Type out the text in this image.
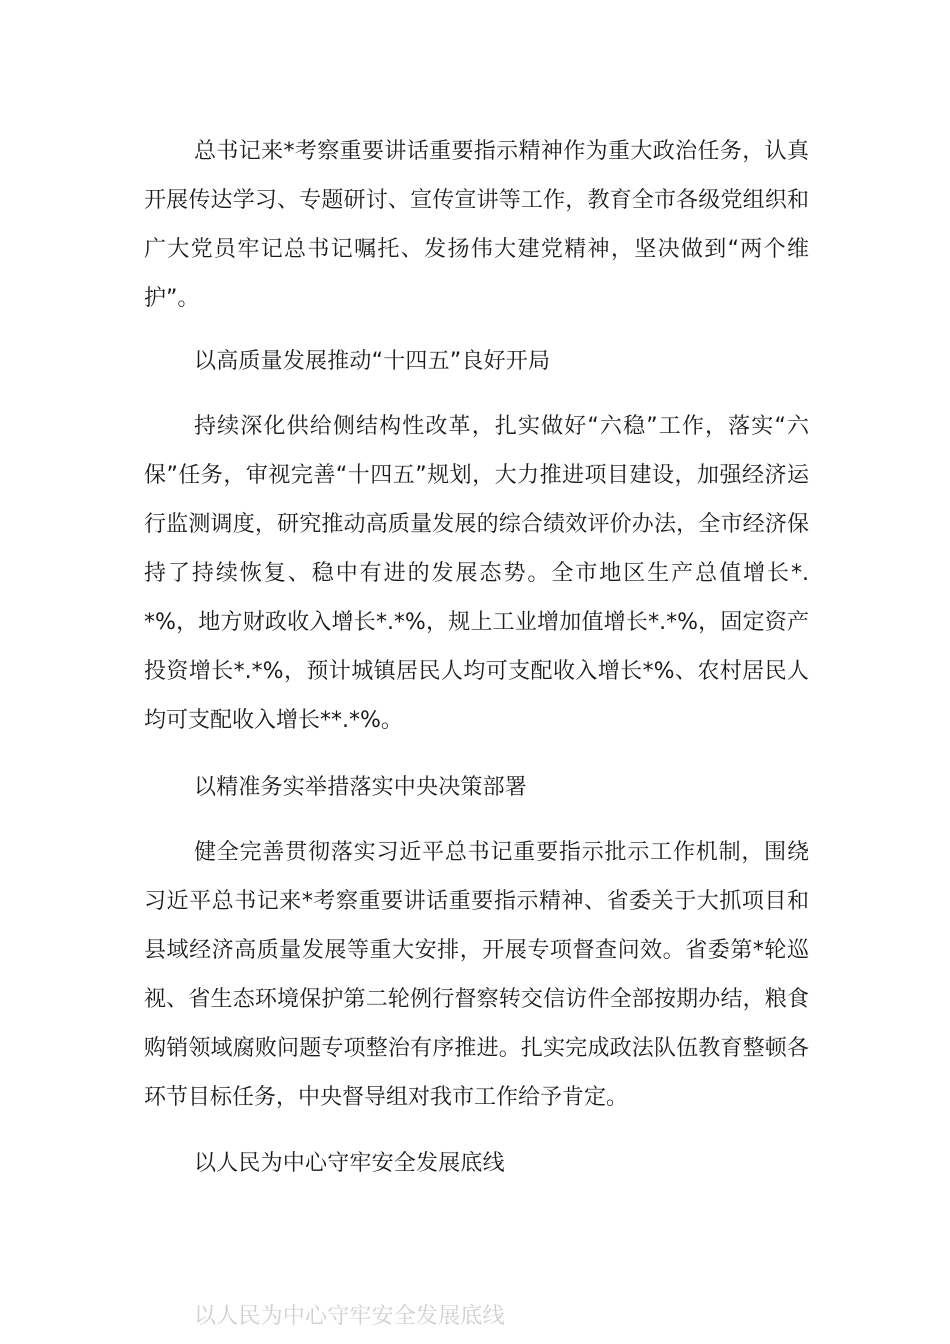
总书记来*考察重要讲话重要指示精神作为重大政治任务，认真开展传达学习、专题研讨、宣传宣讲等工作，教育全市各级党组织和广大党员牢记总书记嘱托、发扬伟大建党精神，坚决做到“两个维护”。

以高质量发展推动“十四五”良好开局

持续深化供给侧结构性改革，扎实做好“六稳”工作，落实“六保”任务，审视完善“十四五”规划，大力推进项目建设，加强经济运行监测调度，研究推动高质量发展的综合绩效评价办法，全市经济保持了持续恢复、稳中有进的发展态势。全市地区生产总值增长*.*%，地方财政收入增长*.*%，规上工业增加值增长*.*%，固定资产投资增长*.*%，预计城镇居民人均可支配收入增长*%、农村居民人均可支配收入增长**.*%。

以精准务实举措落实中央决策部署

健全完善贯彻落实习近平总书记重要指示批示工作机制，围绕习近平总书记来*考察重要讲话重要指示精神、省委关于大抓项目和县域经济高质量发展等重大安排，开展专项督查问效。省委第*轮巡视、省生态环境保护第二轮例行督察转交信访件全部按期办结，粮食购销领域腐败问题专项整治有序推进。扎实完成政法队伍教育整顿各环节目标任务，中央督导组对我市工作给予肯定。

以人民为中心守牢安全发展底线

以人民为中心守牢安全发展底线
